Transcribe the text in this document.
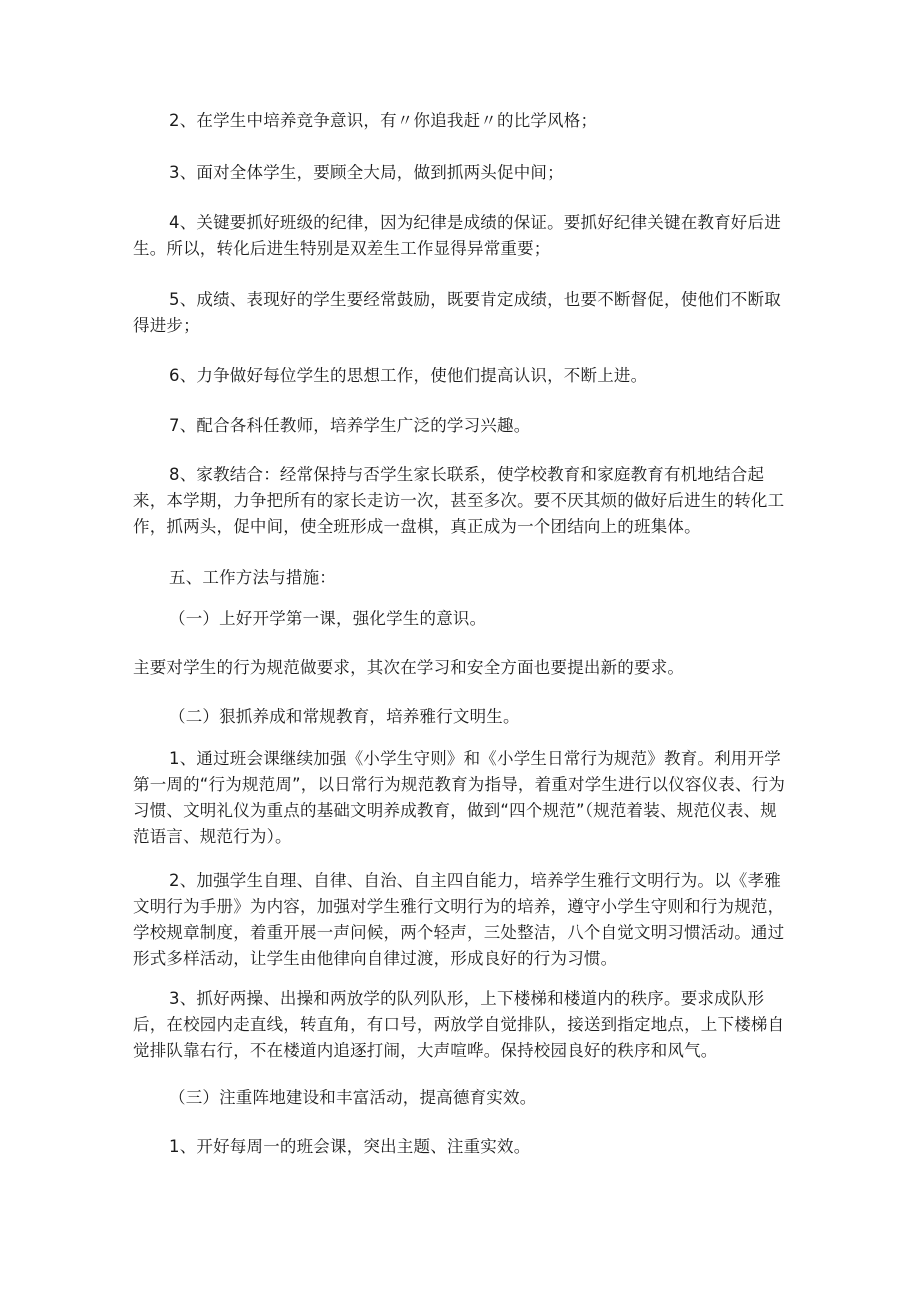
2、在学生中培养竞争意识，有〃你追我赶〃的比学风格；

3、面对全体学生，要顾全大局，做到抓两头促中间；

4、关键要抓好班级的纪律，因为纪律是成绩的保证。要抓好纪律关键在教育好后进生。所以，转化后进生特别是双差生工作显得异常重要；

5、成绩、表现好的学生要经常鼓励，既要肯定成绩，也要不断督促，使他们不断取得进步；

6、力争做好每位学生的思想工作，使他们提高认识，不断上进。

7、配合各科任教师，培养学生广泛的学习兴趣。

8、家教结合：经常保持与否学生家长联系，使学校教育和家庭教育有机地结合起来，本学期，力争把所有的家长走访一次，甚至多次。要不厌其烦的做好后进生的转化工作，抓两头，促中间，使全班形成一盘棋，真正成为一个团结向上的班集体。

五、工作方法与措施：

（一）上好开学第一课，强化学生的意识。

主要对学生的行为规范做要求，其次在学习和安全方面也要提出新的要求。

（二）狠抓养成和常规教育，培养雅行文明生。

1、通过班会课继续加强《小学生守则》和《小学生日常行为规范》教育。利用开学第一周的“行为规范周”，以日常行为规范教育为指导，着重对学生进行以仪容仪表、行为习惯、文明礼仪为重点的基础文明养成教育，做到“四个规范”（规范着装、规范仪表、规范语言、规范行为）。

2、加强学生自理、自律、自治、自主四自能力，培养学生雅行文明行为。以《孝雅文明行为手册》为内容，加强对学生雅行文明行为的培养，遵守小学生守则和行为规范，学校规章制度，着重开展一声问候，两个轻声，三处整洁，八个自觉文明习惯活动。通过形式多样活动，让学生由他律向自律过渡，形成良好的行为习惯。

3、抓好两操、出操和两放学的队列队形，上下楼梯和楼道内的秩序。要求成队形后，在校园内走直线，转直角，有口号，两放学自觉排队，接送到指定地点，上下楼梯自觉排队靠右行，不在楼道内追逐打闹，大声喧哗。保持校园良好的秩序和风气。

（三）注重阵地建设和丰富活动，提高德育实效。

1、开好每周一的班会课，突出主题、注重实效。
